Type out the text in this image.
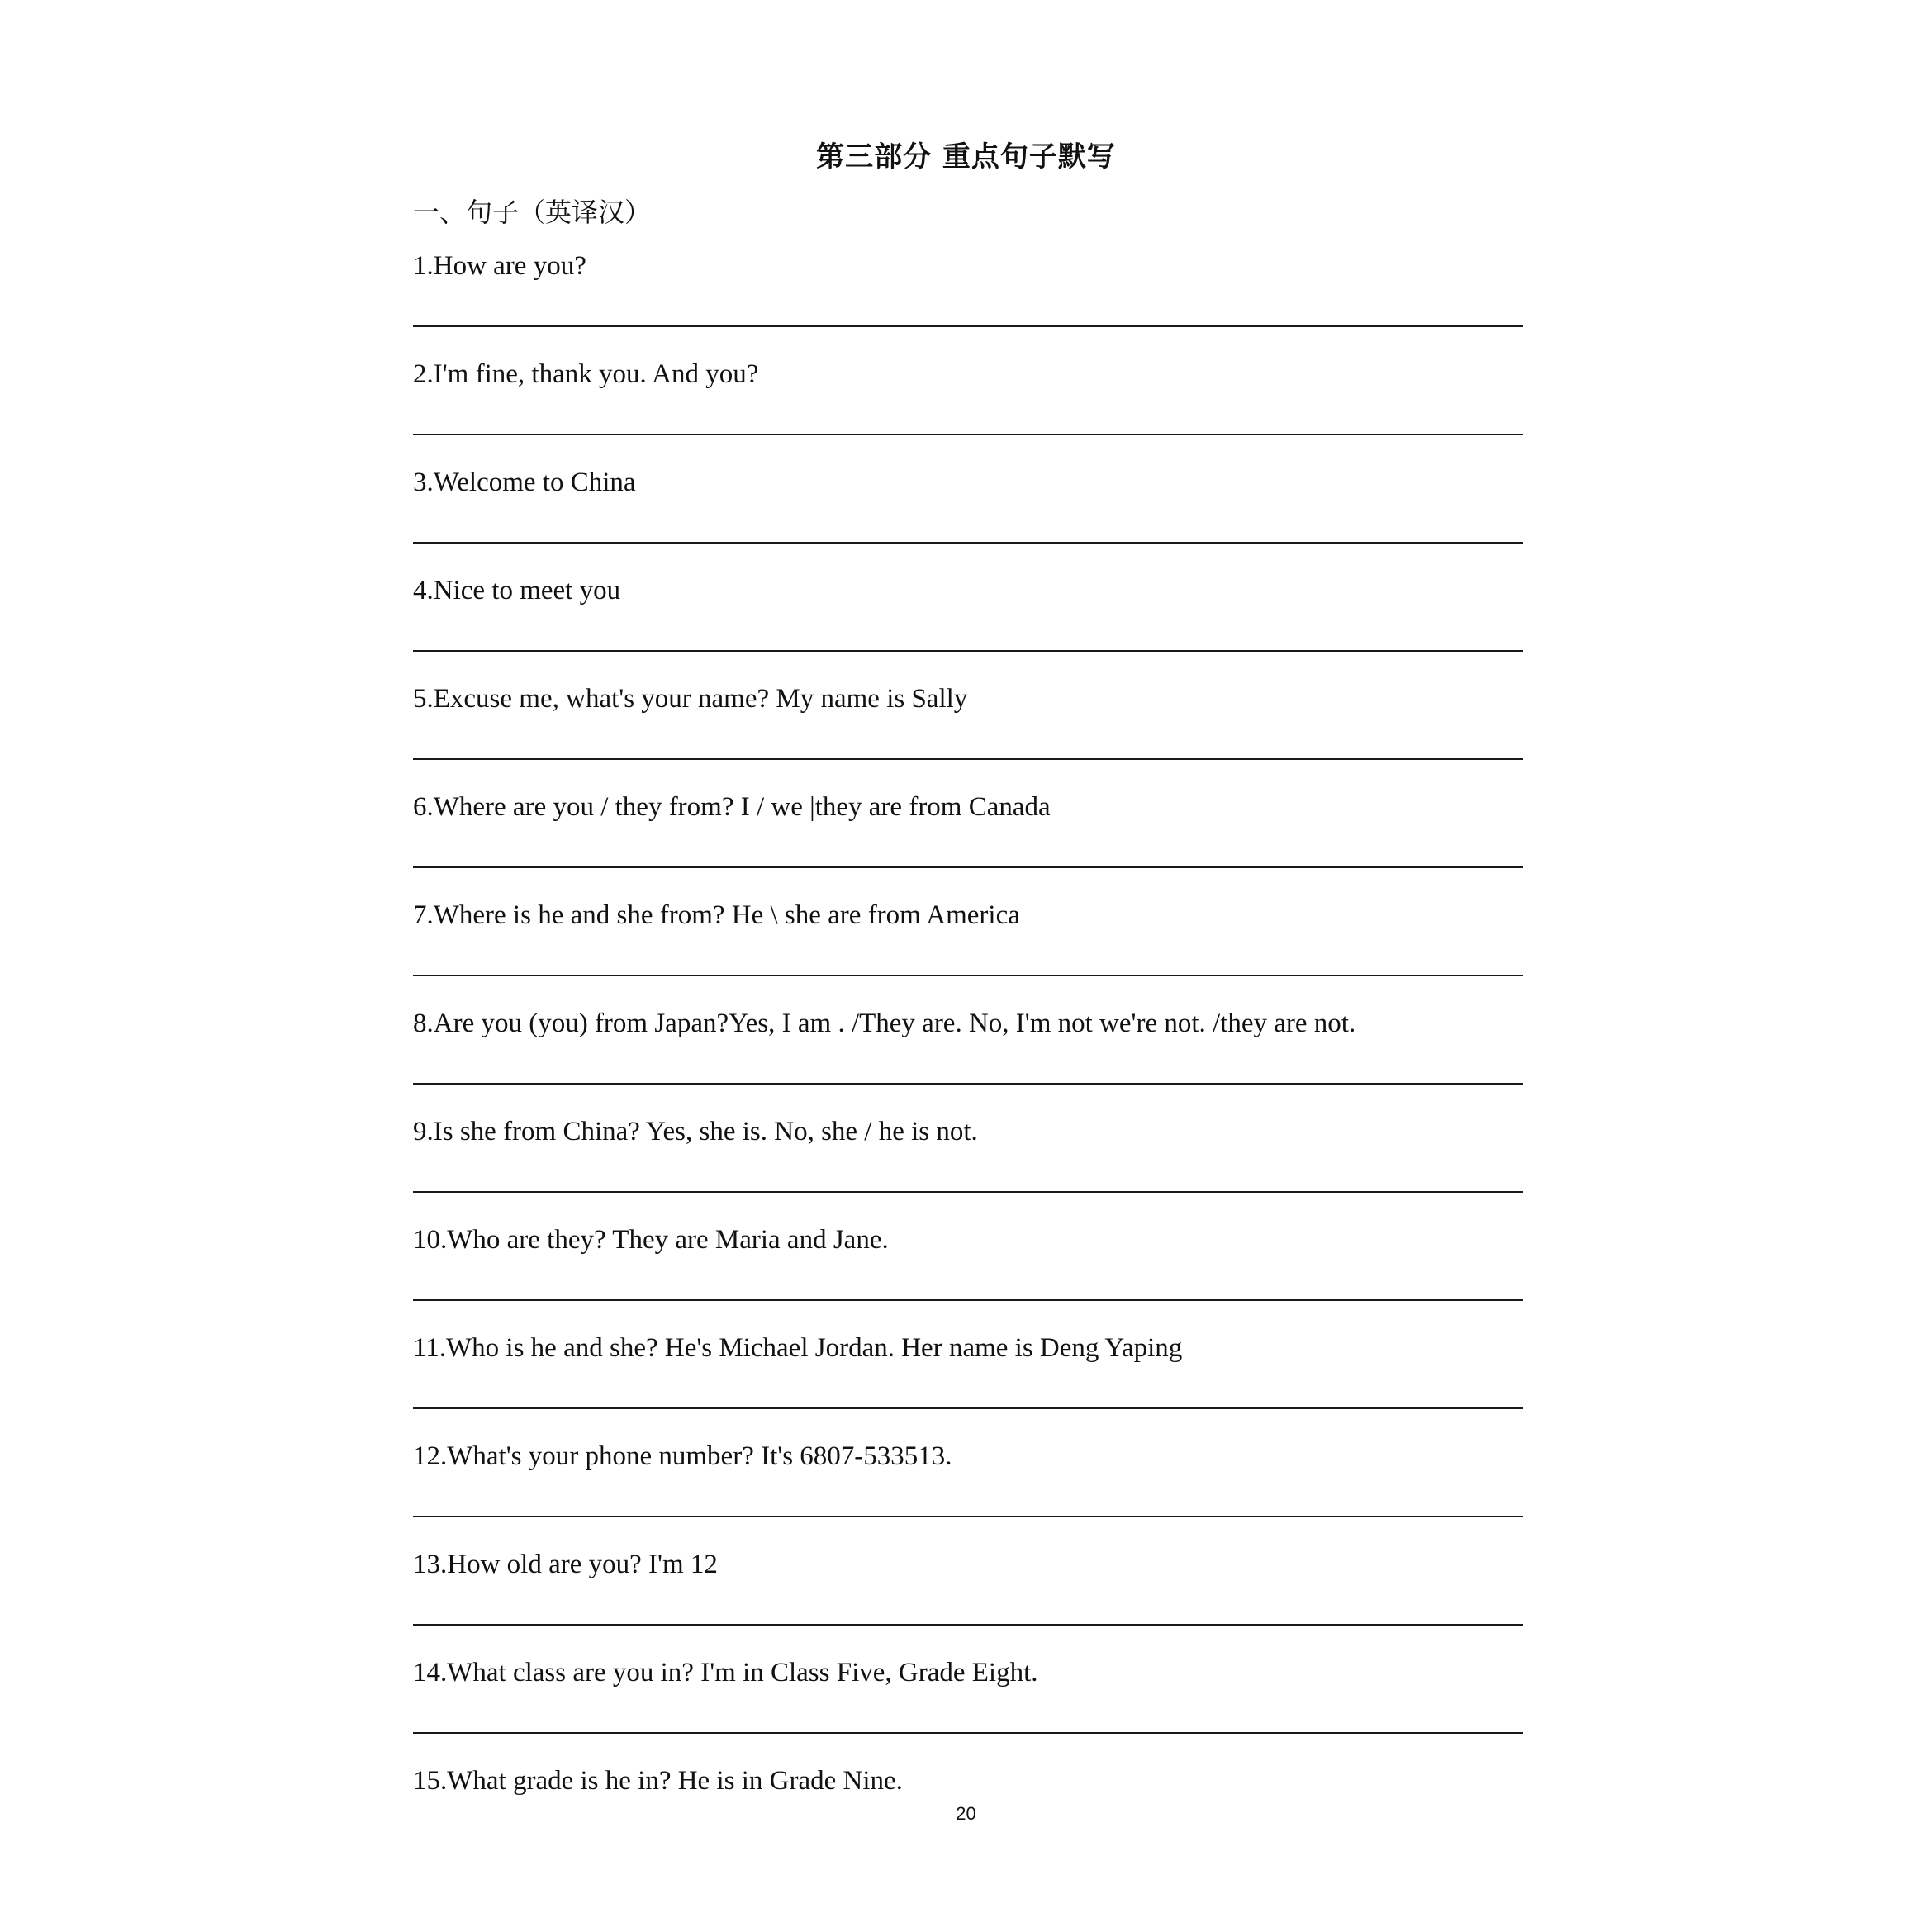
第三部分 重点句子默写
一、句子（英译汉）
1.How are you?
2.I'm fine, thank you. And you?
3.Welcome to China
4.Nice to meet you
5.Excuse me, what's your name? My name is Sally
6.Where are you / they from? I / we |they are from Canada
7.Where is he and she from? He \ she are from America
8.Are you (you) from Japan?Yes, I am . /They are. No, I'm not we're not. /they are not.
9.Is she from China? Yes, she is. No, she / he is not.
10.Who are they? They are Maria and Jane.
11.Who is he and she? He's Michael Jordan. Her name is Deng Yaping
12.What's your phone number? It's 6807-533513.
13.How old are you? I'm 12
14.What class are you in? I'm in Class Five, Grade Eight.
15.What grade is he in? He is in Grade Nine.
20
